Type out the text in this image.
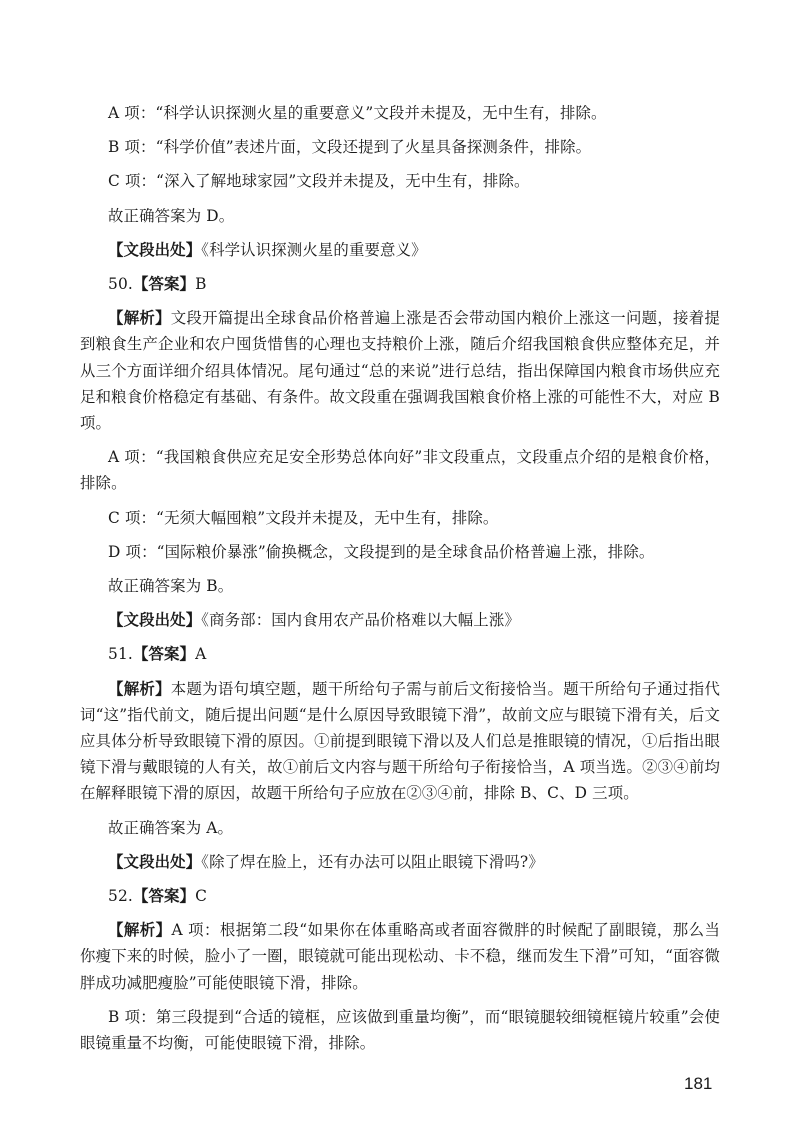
A 项：“科学认识探测火星的重要意义”文段并未提及，无中生有，排除。

B 项：“科学价值”表述片面，文段还提到了火星具备探测条件，排除。

C 项：“深入了解地球家园”文段并未提及，无中生有，排除。

故正确答案为 D。

【文段出处】《科学认识探测火星的重要意义》

50.【答案】B

【解析】文段开篇提出全球食品价格普遍上涨是否会带动国内粮价上涨这一问题，接着提到粮食生产企业和农户囤货惜售的心理也支持粮价上涨，随后介绍我国粮食供应整体充足，并从三个方面详细介绍具体情况。尾句通过“总的来说”进行总结，指出保障国内粮食市场供应充足和粮食价格稳定有基础、有条件。故文段重在强调我国粮食价格上涨的可能性不大，对应 B 项。

A 项：“我国粮食供应充足安全形势总体向好”非文段重点，文段重点介绍的是粮食价格，排除。

C 项：“无须大幅囤粮”文段并未提及，无中生有，排除。

D 项：“国际粮价暴涨”偷换概念，文段提到的是全球食品价格普遍上涨，排除。

故正确答案为 B。

【文段出处】《商务部：国内食用农产品价格难以大幅上涨》

51.【答案】A

【解析】本题为语句填空题，题干所给句子需与前后文衔接恰当。题干所给句子通过指代词“这”指代前文，随后提出问题“是什么原因导致眼镜下滑”，故前文应与眼镜下滑有关，后文应具体分析导致眼镜下滑的原因。①前提到眼镜下滑以及人们总是推眼镜的情况，①后指出眼镜下滑与戴眼镜的人有关，故①前后文内容与题干所给句子衔接恰当，A 项当选。②③④前均在解释眼镜下滑的原因，故题干所给句子应放在②③④前，排除 B、C、D 三项。

故正确答案为 A。

【文段出处】《除了焊在脸上，还有办法可以阻止眼镜下滑吗?》

52.【答案】C

【解析】A 项：根据第二段“如果你在体重略高或者面容微胖的时候配了副眼镜，那么当你瘦下来的时候，脸小了一圈，眼镜就可能出现松动、卡不稳，继而发生下滑”可知，“面容微胖成功减肥瘦脸”可能使眼镜下滑，排除。

B 项：第三段提到“合适的镜框，应该做到重量均衡”，而“眼镜腿较细镜框镜片较重”会使眼镜重量不均衡，可能使眼镜下滑，排除。

181
